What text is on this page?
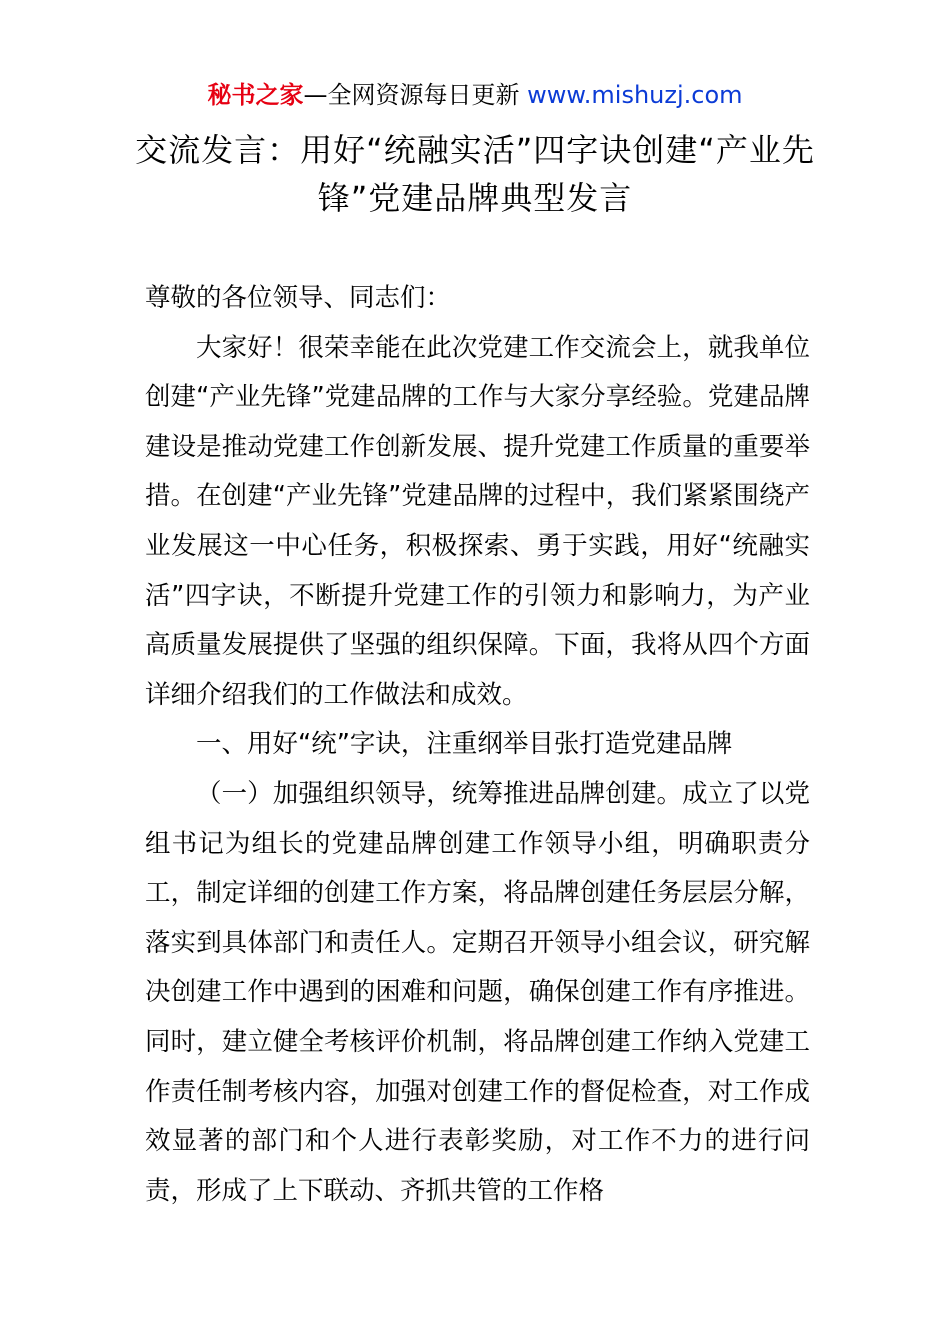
秘书之家—全网资源每日更新 www.mishuzj.com
交流发言：用好“统融实活”四字诀创建“产业先锋”党建品牌典型发言

尊敬的各位领导、同志们：

大家好！很荣幸能在此次党建工作交流会上，就我单位创建“产业先锋”党建品牌的工作与大家分享经验。党建品牌建设是推动党建工作创新发展、提升党建工作质量的重要举措。在创建“产业先锋”党建品牌的过程中，我们紧紧围绕产业发展这一中心任务，积极探索、勇于实践，用好“统融实活”四字诀，不断提升党建工作的引领力和影响力，为产业高质量发展提供了坚强的组织保障。下面，我将从四个方面详细介绍我们的工作做法和成效。

一、用好“统”字诀，注重纲举目张打造党建品牌

（一）加强组织领导，统筹推进品牌创建。成立了以党组书记为组长的党建品牌创建工作领导小组，明确职责分工，制定详细的创建工作方案，将品牌创建任务层层分解，落实到具体部门和责任人。定期召开领导小组会议，研究解决创建工作中遇到的困难和问题，确保创建工作有序推进。同时，建立健全考核评价机制，将品牌创建工作纳入党建工作责任制考核内容，加强对创建工作的督促检查，对工作成效显著的部门和个人进行表彰奖励，对工作不力的进行问责，形成了上下联动、齐抓共管的工作格
